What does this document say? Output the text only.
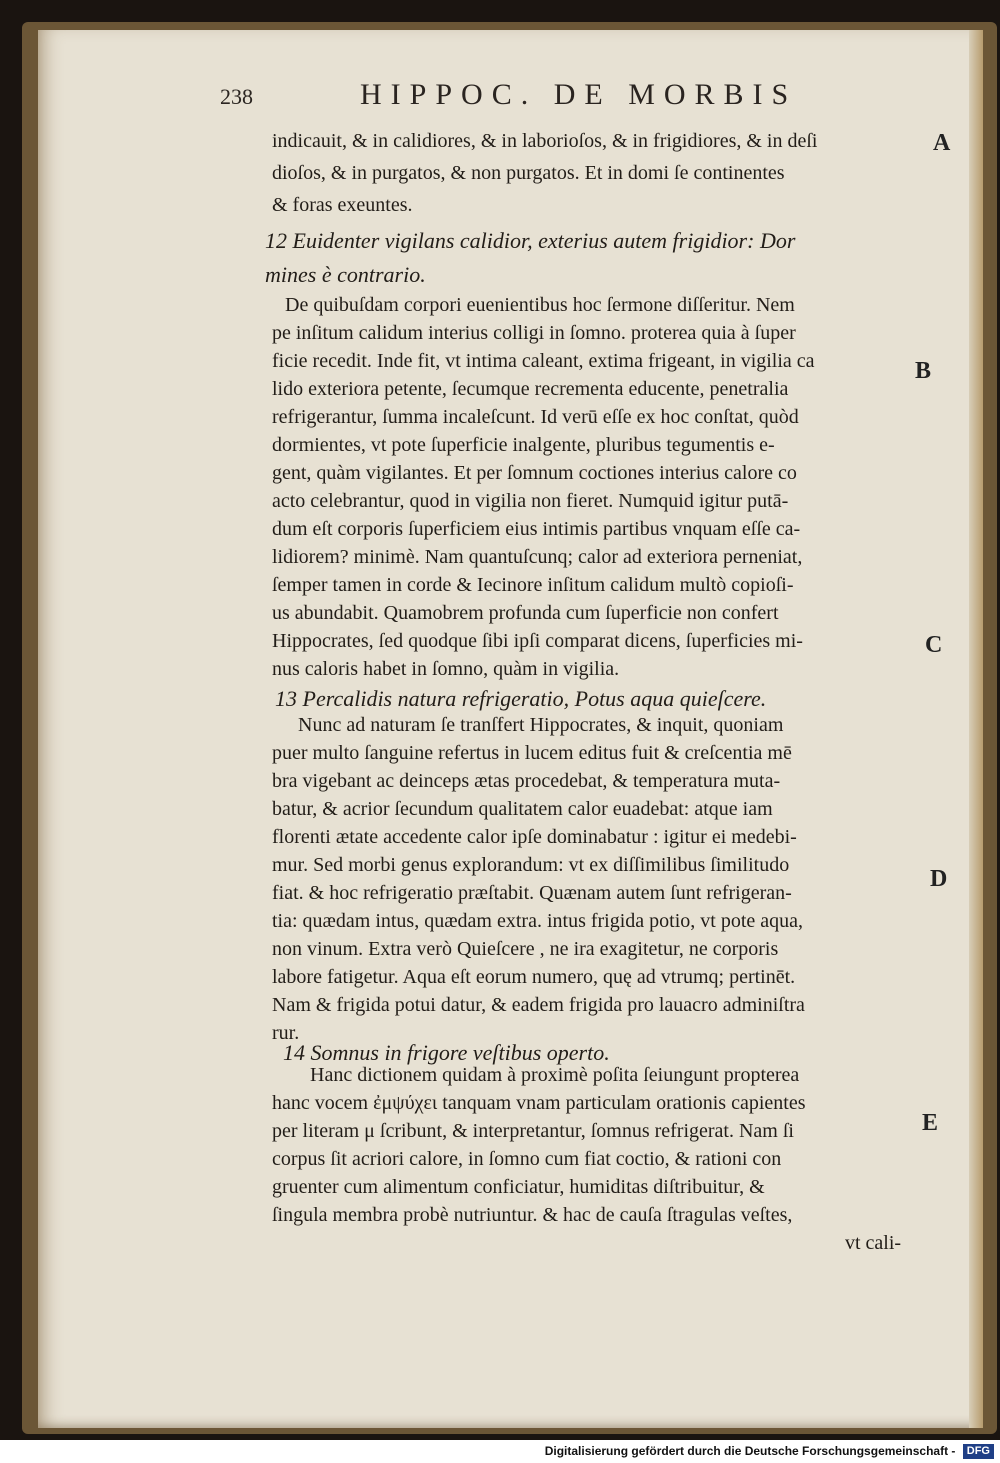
238	HIPPOC. DE MORBIS
indicauit, & in calidiores, & in laborioſos, & in frigidiores, & in deſi
dioſos, & in purgatos, & non purgatos. Et in domi ſe continentes
& foras exeuntes.
12 Euidenter vigilans calidior, exterius autem frigidior: Dor
mines è contrario.
De quibuſdam corpori euenientibus hoc ſermone diſſeritur. Nem
pe inſitum calidum interius colligi in ſomno. proterea quia à ſuper
ficie recedit. Inde fit, vt intima caleant, extima frigeant, in vigilia ca
lido exteriora petente, ſecumque recrementa educente, penetralia
refrigerantur, ſumma incaleſcunt. Id verū eſſe ex hoc conſtat, quòd
dormientes, vt pote ſuperficie inalgente, pluribus tegumentis e-
gent, quàm vigilantes. Et per ſomnum coctiones interius calore co
acto celebrantur, quod in vigilia non fieret. Numquid igitur putā-
dum eſt corporis ſuperficiem eius intimis partibus vnquam eſſe ca-
lidiorem? minimè. Nam quantuſcunq; calor ad exteriora perneniat,
ſemper tamen in corde & Iecinore inſitum calidum multò copioſi-
us abundabit. Quamobrem profunda cum ſuperficie non confert
Hippocrates, ſed quodque ſibi ipſi comparat dicens, ſuperficies mi-
nus caloris habet in ſomno, quàm in vigilia.
13 Percalidis natura refrigeratio, Potus aqua quieſcere.
Nunc ad naturam ſe tranſfert Hippocrates, & inquit, quoniam
puer multo ſanguine refertus in lucem editus fuit & creſcentia mē
bra vigebant ac deinceps ætas procedebat, & temperatura muta-
batur, & acrior ſecundum qualitatem calor euadebat: atque iam
florenti ætate accedente calor ipſe dominabatur : igitur ei medebi-
mur. Sed morbi genus explorandum: vt ex diſſimilibus ſimilitudo
fiat. & hoc refrigeratio præſtabit. Quænam autem ſunt refrigeran-
tia: quædam intus, quædam extra. intus frigida potio, vt pote aqua,
non vinum. Extra verò Quieſcere , ne ira exagitetur, ne corporis
labore fatigetur. Aqua eſt eorum numero, quę ad vtrumq; pertinēt.
Nam & frigida potui datur, & eadem frigida pro lauacro adminiſtra
rur.
14 Somnus in frigore veſtibus operto.
Hanc dictionem quidam à proximè poſita ſeiungunt propterea
hanc vocem ἐμψύχει tanquam vnam particulam orationis capientes
per literam μ ſcribunt, & interpretantur, ſomnus refrigerat. Nam ſi
corpus ſit acriori calore, in ſomno cum fiat coctio, & rationi con
gruenter cum alimentum conficiatur, humiditas diſtribuitur, &
ſingula membra probè nutriuntur. & hac de cauſa ſtragulas veſtes,
vt cali-
A
B
C
D
E
Digitalisierung gefördert durch die Deutsche Forschungsgemeinschaft - DFG
